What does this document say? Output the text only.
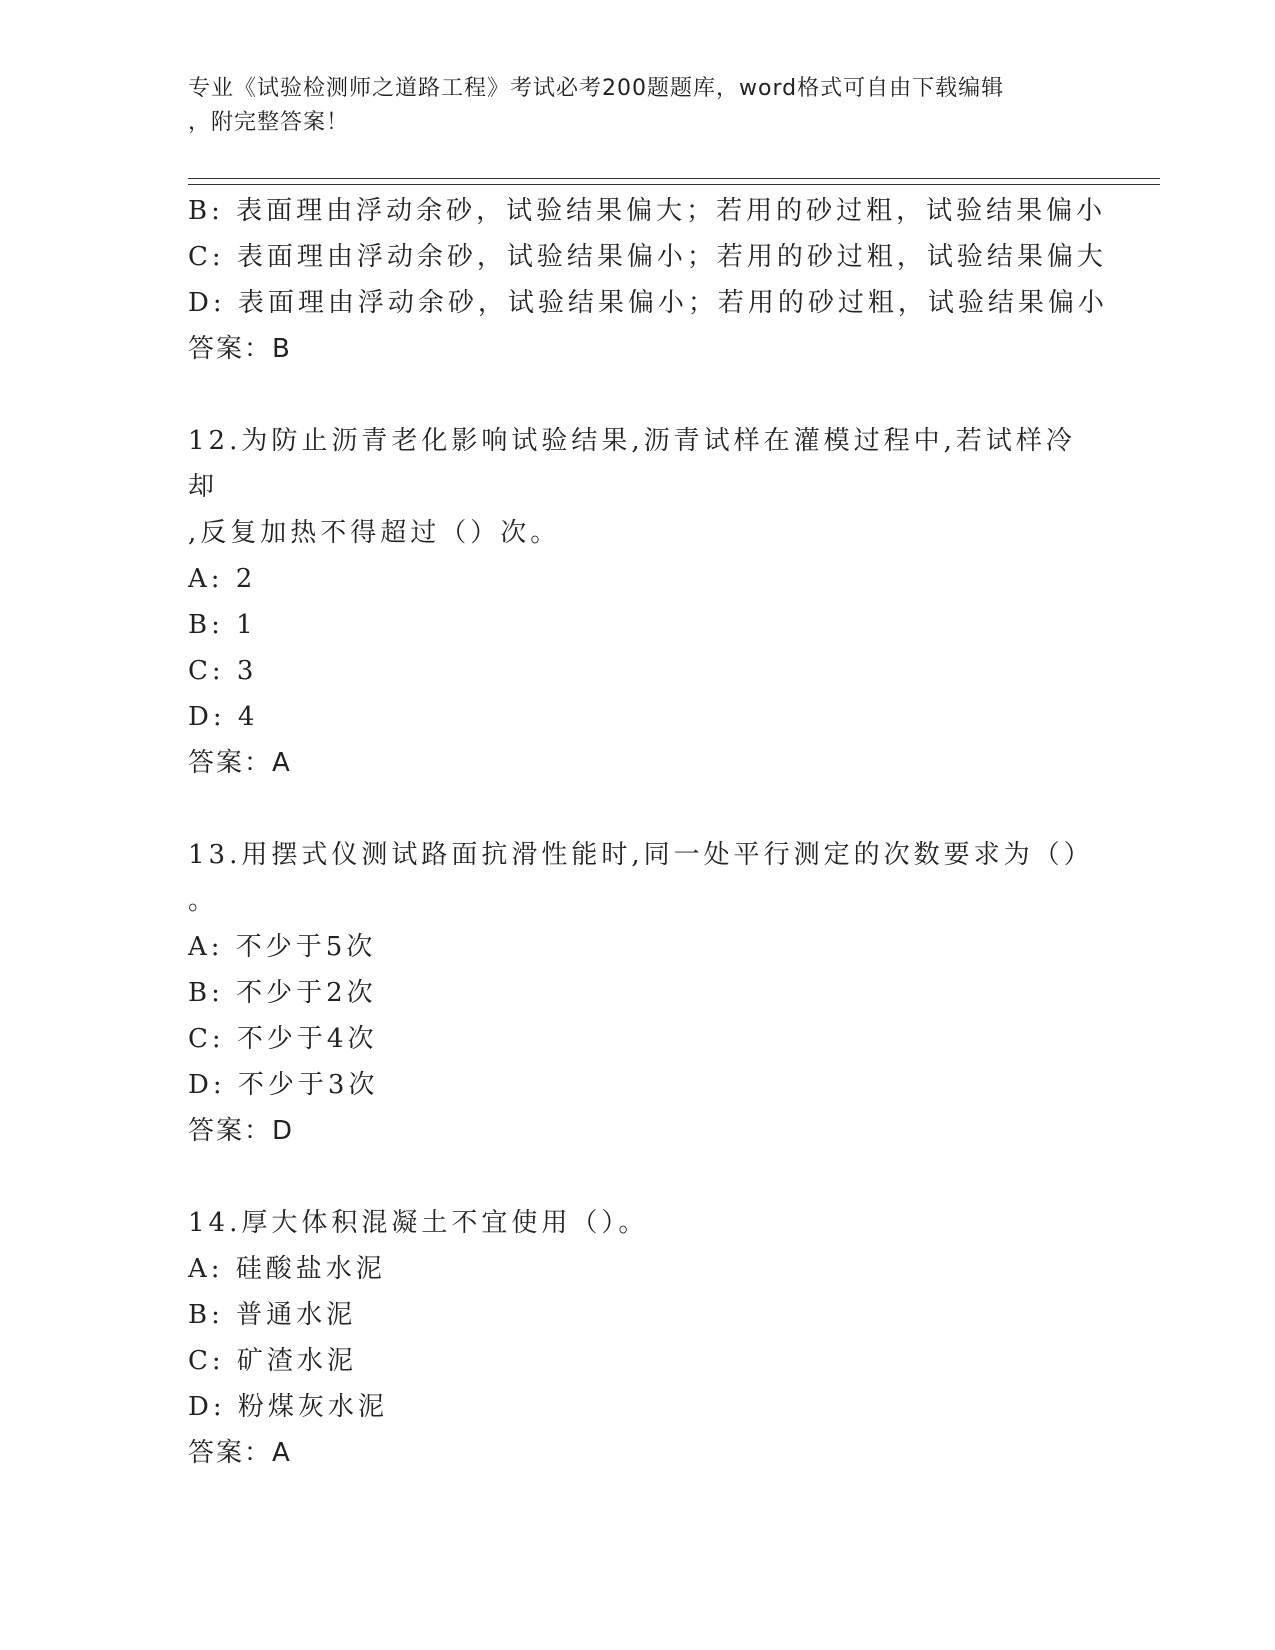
专业《试验检测师之道路工程》考试必考200题题库，word格式可自由下载编辑
，附完整答案！
B: 表面理由浮动余砂，试验结果偏大；若用的砂过粗，试验结果偏小
C: 表面理由浮动余砂，试验结果偏小；若用的砂过粗，试验结果偏大
D: 表面理由浮动余砂，试验结果偏小；若用的砂过粗，试验结果偏小
答案：B
12.为防止沥青老化影响试验结果,沥青试样在灌模过程中,若试样冷却
,反复加热不得超过（）次。
A: 2
B: 1
C: 3
D: 4
答案：A
13.用摆式仪测试路面抗滑性能时,同一处平行测定的次数要求为（）
。
A: 不少于5次
B: 不少于2次
C: 不少于4次
D: 不少于3次
答案：D
14.厚大体积混凝土不宜使用（）。
A: 硅酸盐水泥
B: 普通水泥
C: 矿渣水泥
D: 粉煤灰水泥
答案：A
